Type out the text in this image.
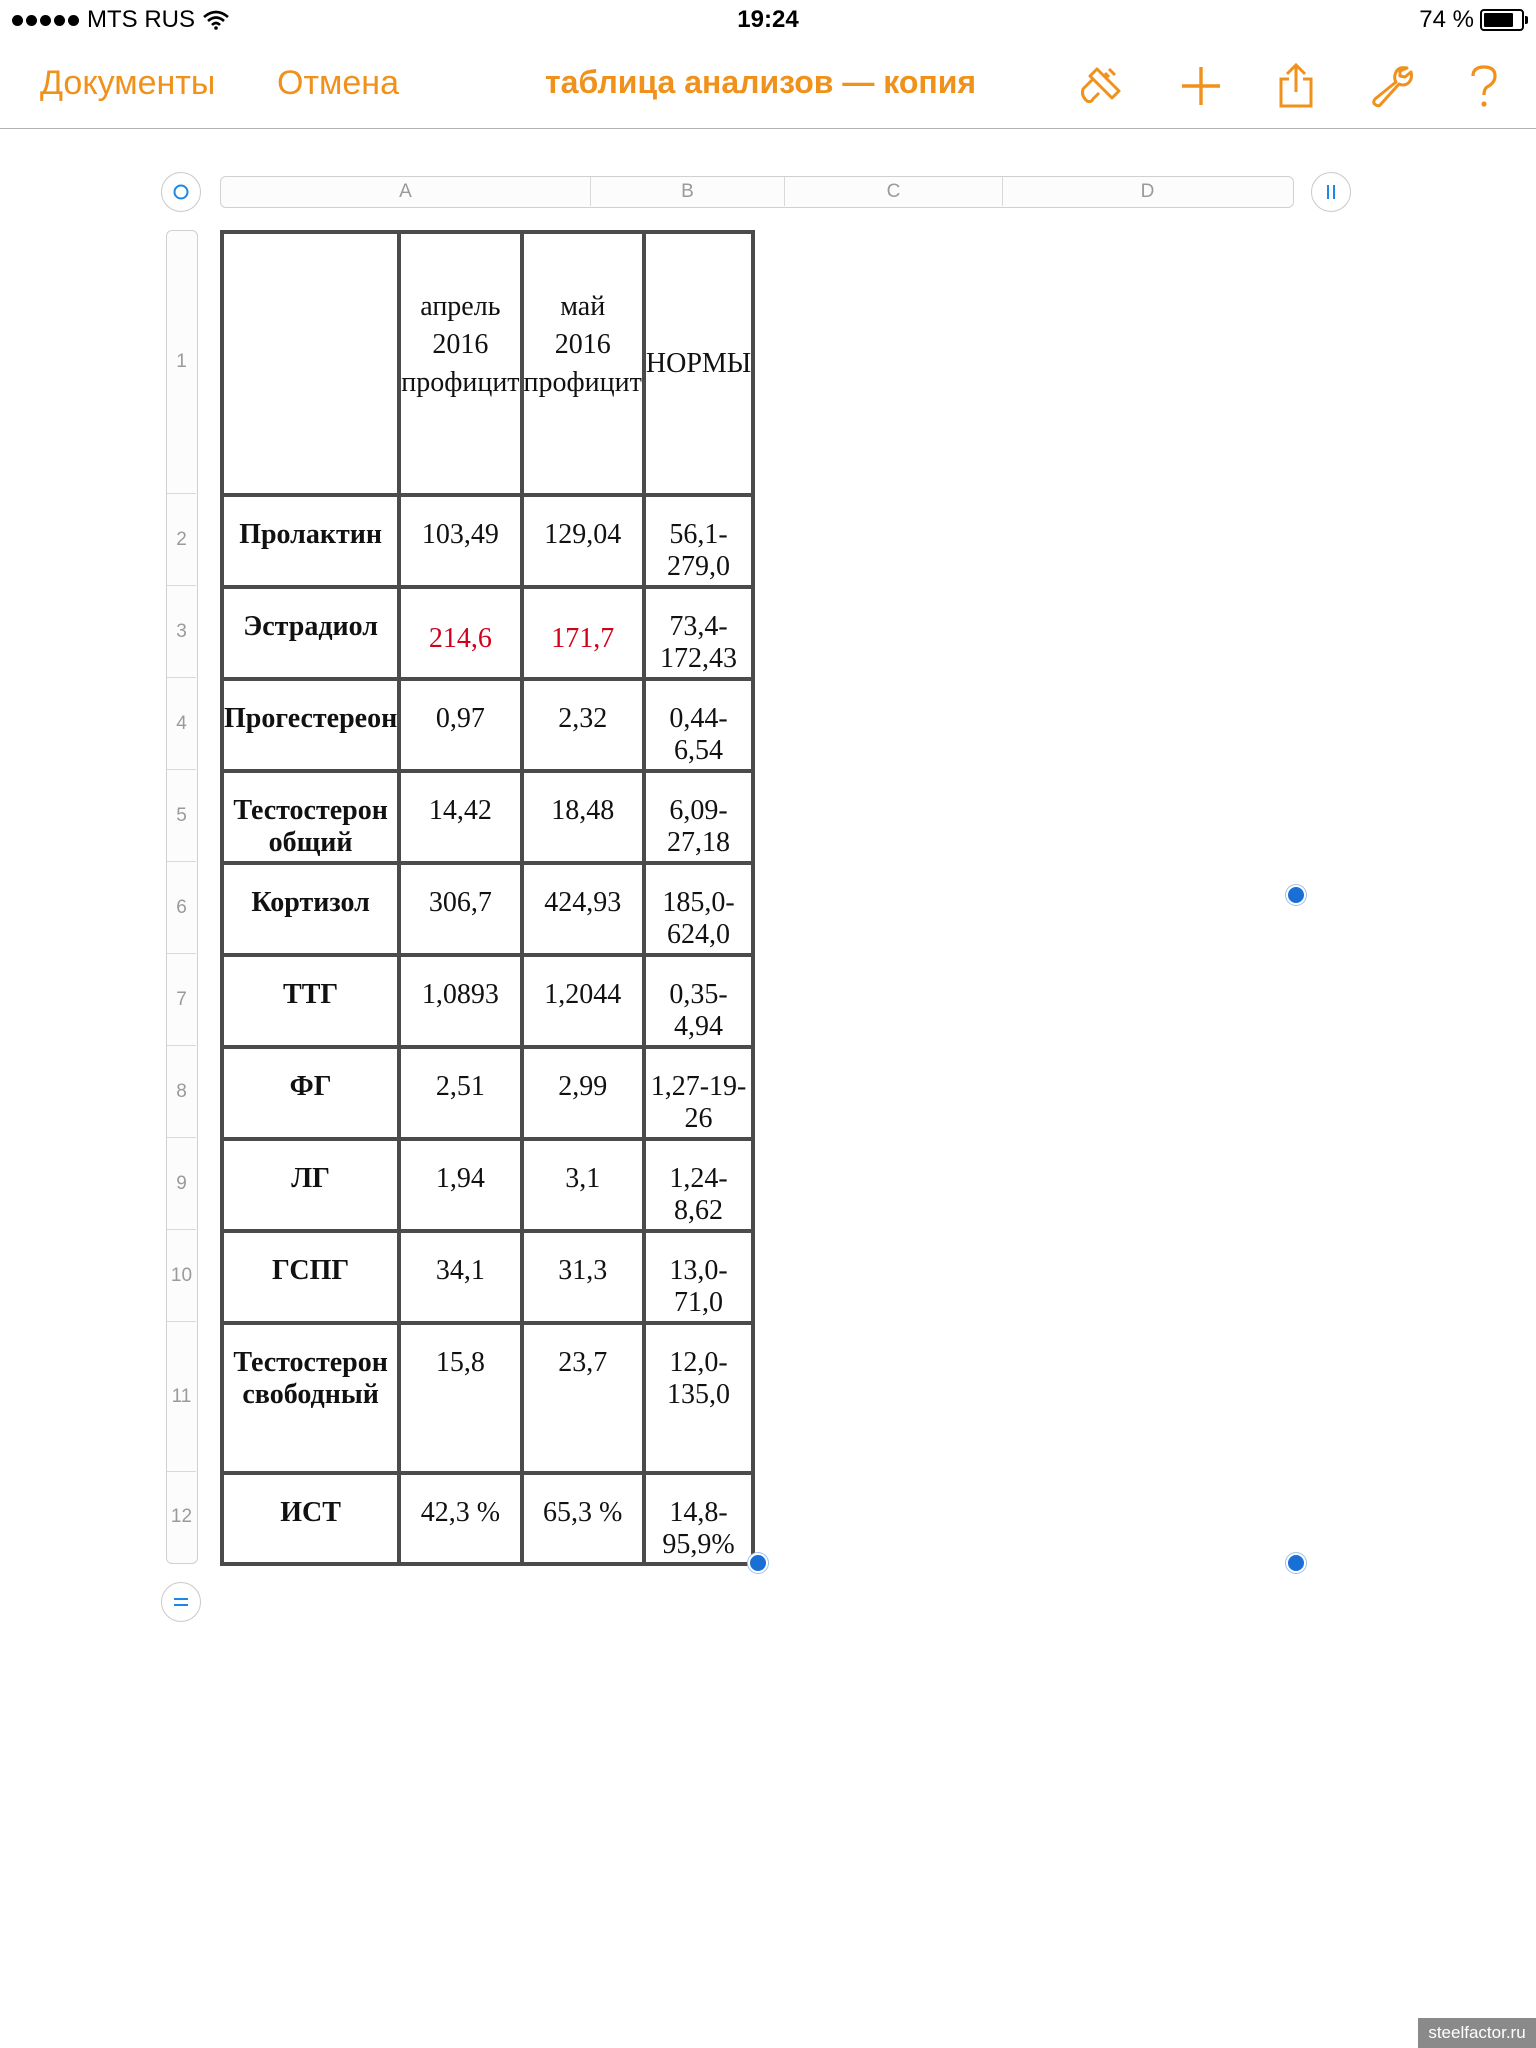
MTS RUS	19:24	74 %
Документы Отмена	таблица анализов — копия
A	B	C	D
1
2
3
4
5
6
7
8
9
10
11
12

	апрель
2016
профицит	май
2016
профицит	НОРМЫ

Пролактин	103,49	129,04	56,1-279,0

Эстрадиол	214,6	171,7	73,4-172,43

Прогестереон	0,97	2,32	0,44-6,54

Тестостерон общий	14,42	18,48	6,09-27,18

Кортизол	306,7	424,93	185,0-624,0

ТТГ	1,0893	1,2044	0,35-4,94

ФГ	2,51	2,99	1,27-19-26

ЛГ	1,94	3,1	1,24-8,62

ГСПГ	34,1	31,3	13,0-71,0

Тестостерон свободный	15,8	23,7	12,0-135,0

ИСТ	42,3 %	65,3 %	14,8-95,9%
steelfactor.ru
